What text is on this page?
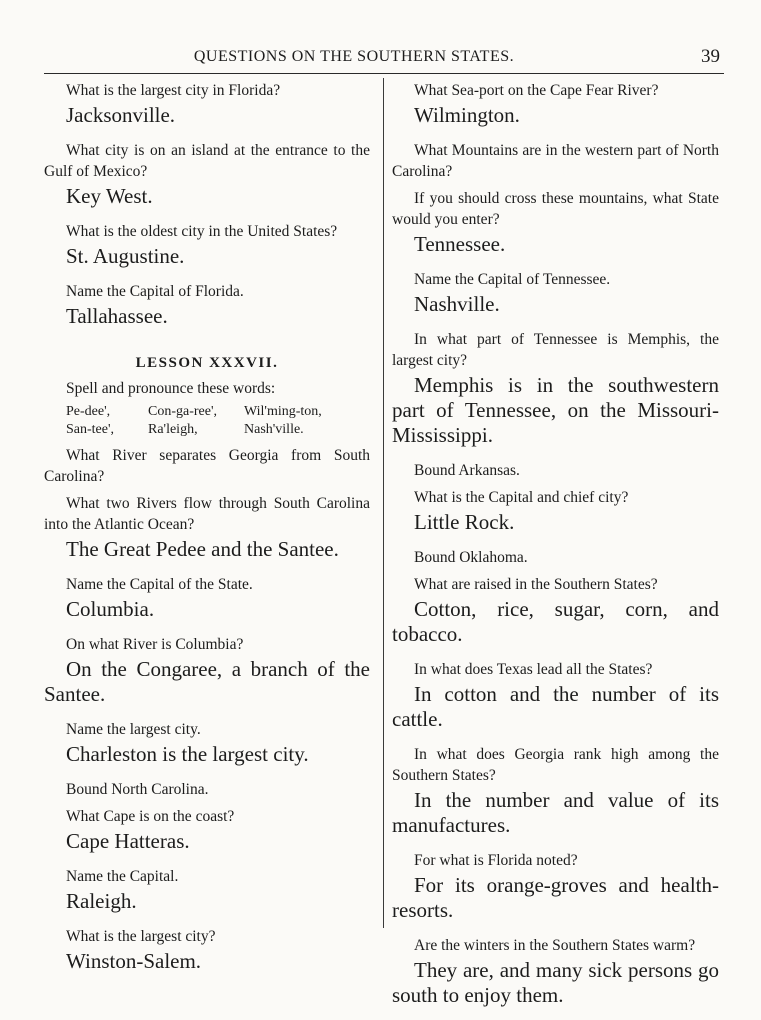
QUESTIONS ON THE SOUTHERN STATES.	39

What is the largest city in Florida?

Jacksonville.

What city is on an island at the entrance to the Gulf of Mexico?

Key West.

What is the oldest city in the United States?

St. Augustine.

Name the Capital of Florida.

Tallahassee.

LESSON XXXVII.
Spell and pronounce these words:
Pe-dee',	Con-ga-ree',	Wil'ming-ton,
San-tee',	Ra'leigh,	Nash'ville.

What River separates Georgia from South Carolina?

What two Rivers flow through South Carolina into the Atlantic Ocean?

The Great Pedee and the Santee.

Name the Capital of the State.

Columbia.

On what River is Columbia?

On the Congaree, a branch of the Santee.

Name the largest city.

Charleston is the largest city.

Bound North Carolina.

What Cape is on the coast?

Cape Hatteras.

Name the Capital.

Raleigh.

What is the largest city?

Winston-Salem.

What Sea-port on the Cape Fear River?

Wilmington.

What Mountains are in the western part of North Carolina?

If you should cross these mountains, what State would you enter?

Tennessee.

Name the Capital of Tennessee.

Nashville.

In what part of Tennessee is Memphis, the largest city?

Memphis is in the southwestern part of Tennessee, on the Missouri-Mississippi.

Bound Arkansas.

What is the Capital and chief city?

Little Rock.

Bound Oklahoma.

What are raised in the Southern States?

Cotton, rice, sugar, corn, and tobacco.

In what does Texas lead all the States?

In cotton and the number of its cattle.

In what does Georgia rank high among the Southern States?

In the number and value of its manufactures.

For what is Florida noted?

For its orange-groves and health-resorts.

Are the winters in the Southern States warm?

They are, and many sick persons go south to enjoy them.
